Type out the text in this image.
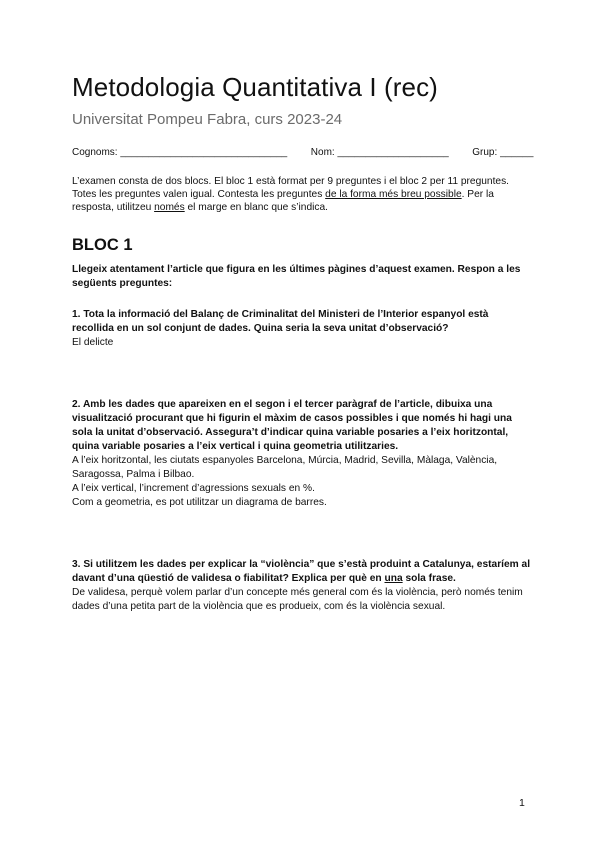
Metodologia Quantitativa I (rec)

Universitat Pompeu Fabra, curs 2023-24

Cognoms: ______________________________ Nom: ____________________ Grup: ______

L’examen consta de dos blocs. El bloc 1 està format per 9 preguntes i el bloc 2 per 11 preguntes. Totes les preguntes valen igual. Contesta les preguntes de la forma més breu possible. Per la resposta, utilitzeu només el marge en blanc que s’indica.

BLOC 1

Llegeix atentament l’article que figura en les últimes pàgines d’aquest examen. Respon a les següents preguntes:

1. Tota la informació del Balanç de Criminalitat del Ministeri de l’Interior espanyol està recollida en un sol conjunt de dades. Quina seria la seva unitat d’observació?
El delicte
2. Amb les dades que apareixen en el segon i el tercer paràgraf de l’article, dibuixa una visualització procurant que hi figurin el màxim de casos possibles i que només hi hagi una sola la unitat d’observació. Assegura’t d’indicar quina variable posaries a l’eix horitzontal, quina variable posaries a l’eix vertical i quina geometria utilitzaries.
A l’eix horitzontal, les ciutats espanyoles Barcelona, Múrcia, Madrid, Sevilla, Màlaga, València, Saragossa, Palma i Bilbao.
A l’eix vertical, l’increment d’agressions sexuals en %.
Com a geometria, es pot utilitzar un diagrama de barres.
3. Si utilitzem les dades per explicar la “violència” que s’està produint a Catalunya, estaríem al davant d’una qüestió de validesa o fiabilitat? Explica per què en una sola frase.
De validesa, perquè volem parlar d’un concepte més general com és la violència, però només tenim dades d’una petita part de la violència que es produeix, com és la violència sexual.
1
